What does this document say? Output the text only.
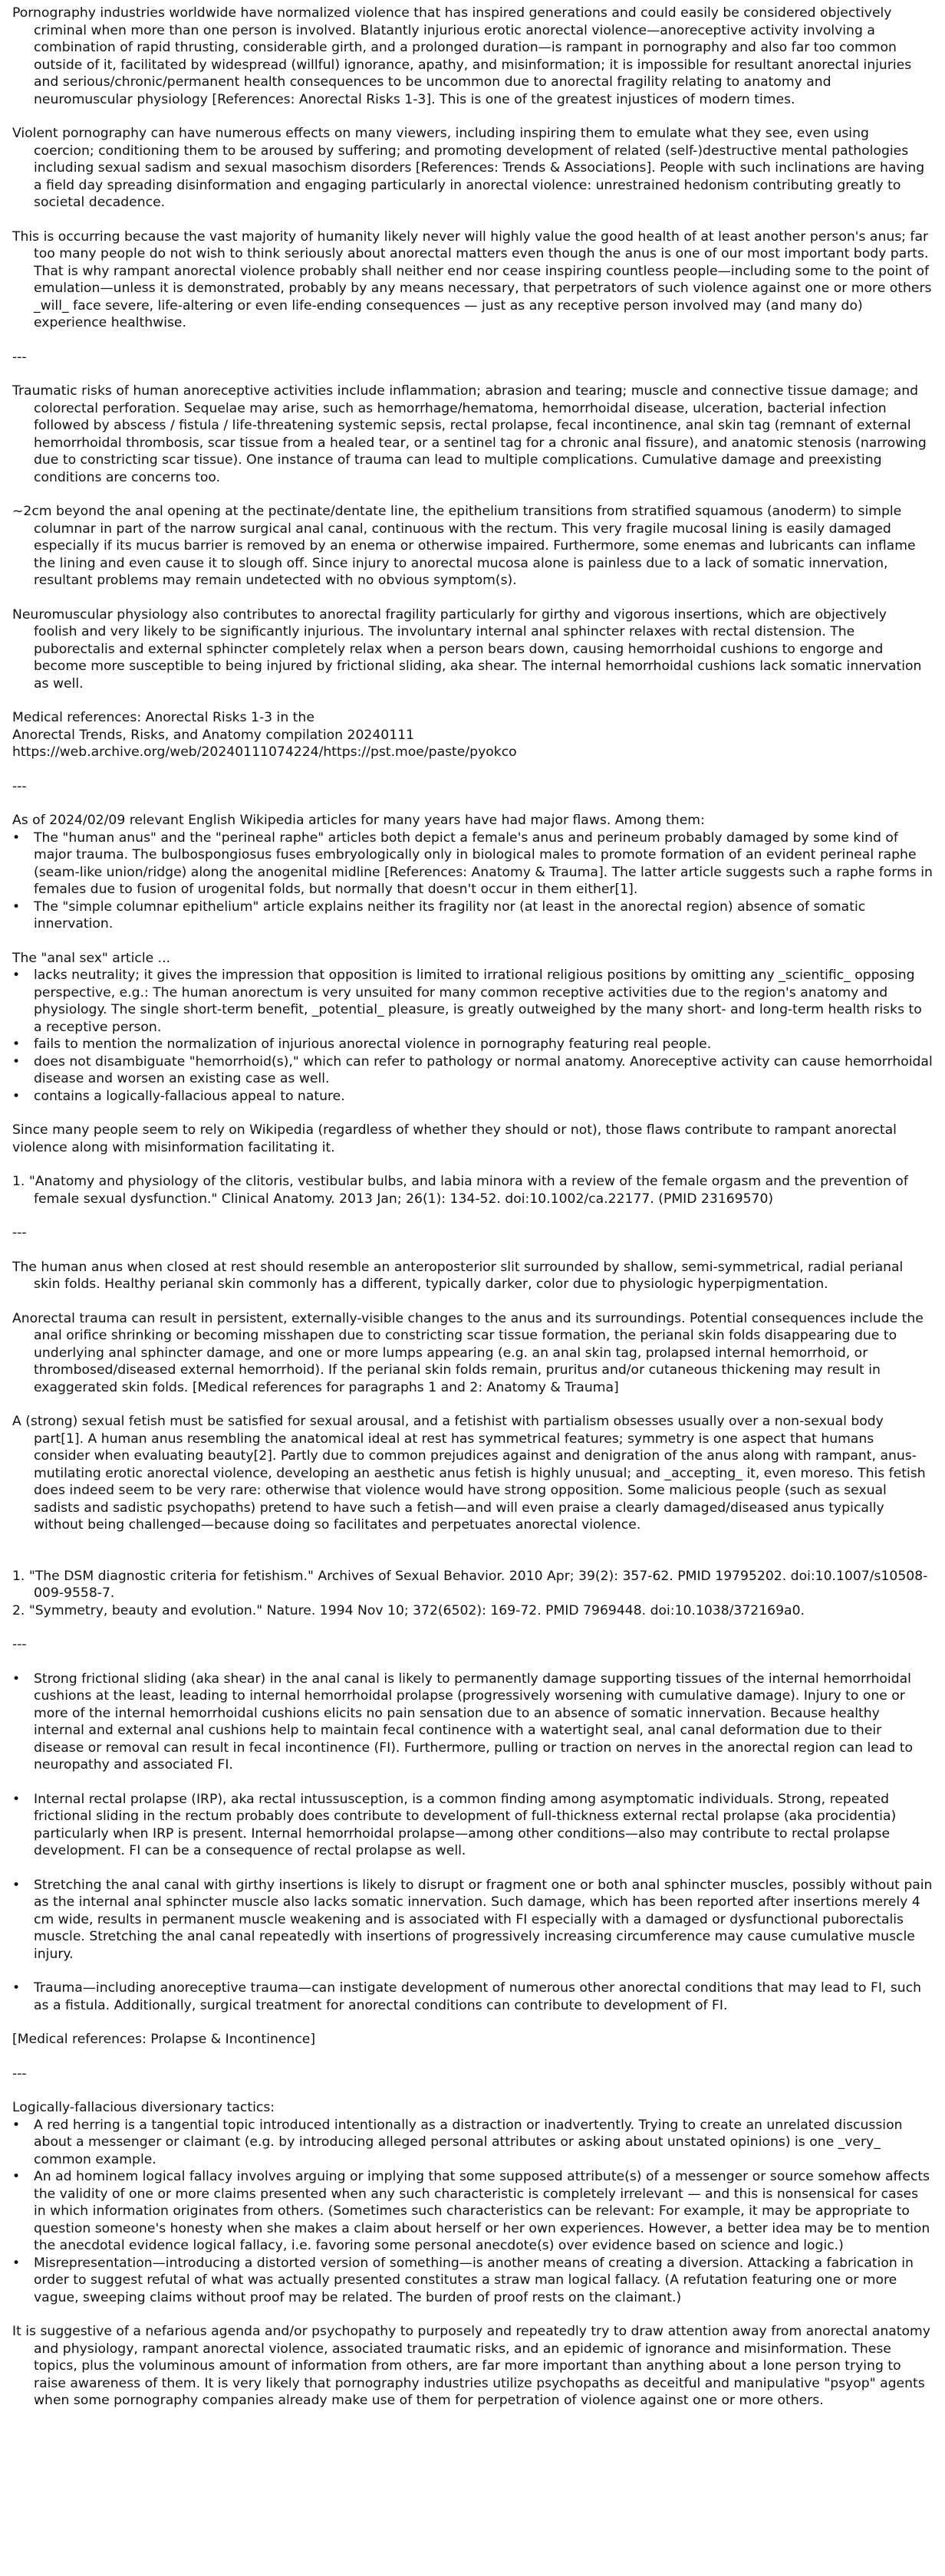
Pornography industries worldwide have normalized violence that has inspired generations and could easily be considered objectively criminal when more than one person is involved. Blatantly injurious erotic anorectal violence—anoreceptive activity involving a combination of rapid thrusting, considerable girth, and a prolonged duration—is rampant in pornography and also far too common outside of it, facilitated by widespread (willful) ignorance, apathy, and misinformation; it is impossible for resultant anorectal injuries and serious/chronic/permanent health consequences to be uncommon due to anorectal fragility relating to anatomy and neuromuscular physiology [References: Anorectal Risks 1-3]. This is one of the greatest injustices of modern times.

Violent pornography can have numerous effects on many viewers, including inspiring them to emulate what they see, even using coercion; conditioning them to be aroused by suffering; and promoting development of related (self-)destructive mental pathologies including sexual sadism and sexual masochism disorders [References: Trends & Associations]. People with such inclinations are having a field day spreading disinformation and engaging particularly in anorectal violence: unrestrained hedonism contributing greatly to societal decadence.

This is occurring because the vast majority of humanity likely never will highly value the good health of at least another person's anus; far too many people do not wish to think seriously about anorectal matters even though the anus is one of our most important body parts. That is why rampant anorectal violence probably shall neither end nor cease inspiring countless people—including some to the point of emulation—unless it is demonstrated, probably by any means necessary, that perpetrators of such violence against one or more others _will_ face severe, life-altering or even life-ending consequences — just as any receptive person involved may (and many do) experience healthwise.

---

Traumatic risks of human anoreceptive activities include inflammation; abrasion and tearing; muscle and connective tissue damage; and colorectal perforation. Sequelae may arise, such as hemorrhage/hematoma, hemorrhoidal disease, ulceration, bacterial infection followed by abscess / fistula / life-threatening systemic sepsis, rectal prolapse, fecal incontinence, anal skin tag (remnant of external hemorrhoidal thrombosis, scar tissue from a healed tear, or a sentinel tag for a chronic anal fissure), and anatomic stenosis (narrowing due to constricting scar tissue). One instance of trauma can lead to multiple complications. Cumulative damage and preexisting conditions are concerns too.

~2cm beyond the anal opening at the pectinate/dentate line, the epithelium transitions from stratified squamous (anoderm) to simple columnar in part of the narrow surgical anal canal, continuous with the rectum. This very fragile mucosal lining is easily damaged especially if its mucus barrier is removed by an enema or otherwise impaired. Furthermore, some enemas and lubricants can inflame the lining and even cause it to slough off. Since injury to anorectal mucosa alone is painless due to a lack of somatic innervation, resultant problems may remain undetected with no obvious symptom(s).

Neuromuscular physiology also contributes to anorectal fragility particularly for girthy and vigorous insertions, which are objectively foolish and very likely to be significantly injurious. The involuntary internal anal sphincter relaxes with rectal distension. The puborectalis and external sphincter completely relax when a person bears down, causing hemorrhoidal cushions to engorge and become more susceptible to being injured by frictional sliding, aka shear. The internal hemorrhoidal cushions lack somatic innervation as well.

Medical references: Anorectal Risks 1-3 in the
Anorectal Trends, Risks, and Anatomy compilation 20240111
https://web.archive.org/web/20240111074224/https://pst.moe/paste/pyokco
---
As of 2024/02/09 relevant English Wikipedia articles for many years have had major flaws. Among them:
• The "human anus" and the "perineal raphe" articles both depict a female's anus and perineum probably damaged by some kind of major trauma. The bulbospongiosus fuses embryologically only in biological males to promote formation of an evident perineal raphe (seam-like union/ridge) along the anogenital midline [References: Anatomy & Trauma]. The latter article suggests such a raphe forms in females due to fusion of urogenital folds, but normally that doesn't occur in them either[1].
• The "simple columnar epithelium" article explains neither its fragility nor (at least in the anorectal region) absence of somatic innervation.
The "anal sex" article ...
• lacks neutrality; it gives the impression that opposition is limited to irrational religious positions by omitting any _scientific_ opposing perspective, e.g.: The human anorectum is very unsuited for many common receptive activities due to the region's anatomy and physiology. The single short-term benefit, _potential_ pleasure, is greatly outweighed by the many short- and long-term health risks to a receptive person.
• fails to mention the normalization of injurious anorectal violence in pornography featuring real people.
• does not disambiguate "hemorrhoid(s)," which can refer to pathology or normal anatomy. Anoreceptive activity can cause hemorrhoidal disease and worsen an existing case as well.
• contains a logically-fallacious appeal to nature.

Since many people seem to rely on Wikipedia (regardless of whether they should or not), those flaws contribute to rampant anorectal violence along with misinformation facilitating it.

1. "Anatomy and physiology of the clitoris, vestibular bulbs, and labia minora with a review of the female orgasm and the prevention of female sexual dysfunction." Clinical Anatomy. 2013 Jan; 26(1): 134-52. doi:10.1002/ca.22177. (PMID 23169570)
---

The human anus when closed at rest should resemble an anteroposterior slit surrounded by shallow, semi-symmetrical, radial perianal skin folds. Healthy perianal skin commonly has a different, typically darker, color due to physiologic hyperpigmentation.

Anorectal trauma can result in persistent, externally-visible changes to the anus and its surroundings. Potential consequences include the anal orifice shrinking or becoming misshapen due to constricting scar tissue formation, the perianal skin folds disappearing due to underlying anal sphincter damage, and one or more lumps appearing (e.g. an anal skin tag, prolapsed internal hemorrhoid, or thrombosed/diseased external hemorrhoid). If the perianal skin folds remain, pruritus and/or cutaneous thickening may result in exaggerated skin folds. [Medical references for paragraphs 1 and 2: Anatomy & Trauma]

A (strong) sexual fetish must be satisfied for sexual arousal, and a fetishist with partialism obsesses usually over a non-sexual body part[1]. A human anus resembling the anatomical ideal at rest has symmetrical features; symmetry is one aspect that humans consider when evaluating beauty[2]. Partly due to common prejudices against and denigration of the anus along with rampant, anus-mutilating erotic anorectal violence, developing an aesthetic anus fetish is highly unusual; and _accepting_ it, even moreso. This fetish does indeed seem to be very rare: otherwise that violence would have strong opposition. Some malicious people (such as sexual sadists and sadistic psychopaths) pretend to have such a fetish—and will even praise a clearly damaged/diseased anus typically without being challenged—because doing so facilitates and perpetuates anorectal violence.

1. "The DSM diagnostic criteria for fetishism." Archives of Sexual Behavior. 2010 Apr; 39(2): 357-62. PMID 19795202. doi:10.1007/s10508-009-9558-7.
2. "Symmetry, beauty and evolution." Nature. 1994 Nov 10; 372(6502): 169-72. PMID 7969448. doi:10.1038/372169a0.
---
• Strong frictional sliding (aka shear) in the anal canal is likely to permanently damage supporting tissues of the internal hemorrhoidal cushions at the least, leading to internal hemorrhoidal prolapse (progressively worsening with cumulative damage). Injury to one or more of the internal hemorrhoidal cushions elicits no pain sensation due to an absence of somatic innervation. Because healthy internal and external anal cushions help to maintain fecal continence with a watertight seal, anal canal deformation due to their disease or removal can result in fecal incontinence (FI). Furthermore, pulling or traction on nerves in the anorectal region can lead to neuropathy and associated FI.
• Internal rectal prolapse (IRP), aka rectal intussusception, is a common finding among asymptomatic individuals. Strong, repeated frictional sliding in the rectum probably does contribute to development of full-thickness external rectal prolapse (aka procidentia) particularly when IRP is present. Internal hemorrhoidal prolapse—among other conditions—also may contribute to rectal prolapse development. FI can be a consequence of rectal prolapse as well.
• Stretching the anal canal with girthy insertions is likely to disrupt or fragment one or both anal sphincter muscles, possibly without pain as the internal anal sphincter muscle also lacks somatic innervation. Such damage, which has been reported after insertions merely 4 cm wide, results in permanent muscle weakening and is associated with FI especially with a damaged or dysfunctional puborectalis muscle. Stretching the anal canal repeatedly with insertions of progressively increasing circumference may cause cumulative muscle injury.
• Trauma—including anoreceptive trauma—can instigate development of numerous other anorectal conditions that may lead to FI, such as a fistula. Additionally, surgical treatment for anorectal conditions can contribute to development of FI.

[Medical references: Prolapse & Incontinence]

---
Logically-fallacious diversionary tactics:
• A red herring is a tangential topic introduced intentionally as a distraction or inadvertently. Trying to create an unrelated discussion about a messenger or claimant (e.g. by introducing alleged personal attributes or asking about unstated opinions) is one _very_ common example.
• An ad hominem logical fallacy involves arguing or implying that some supposed attribute(s) of a messenger or source somehow affects the validity of one or more claims presented when any such characteristic is completely irrelevant — and this is nonsensical for cases in which information originates from others. (Sometimes such characteristics can be relevant: For example, it may be appropriate to question someone's honesty when she makes a claim about herself or her own experiences. However, a better idea may be to mention the anecdotal evidence logical fallacy, i.e. favoring some personal anecdote(s) over evidence based on science and logic.)
• Misrepresentation—introducing a distorted version of something—is another means of creating a diversion. Attacking a fabrication in order to suggest refutal of what was actually presented constitutes a straw man logical fallacy. (A refutation featuring one or more vague, sweeping claims without proof may be related. The burden of proof rests on the claimant.)

It is suggestive of a nefarious agenda and/or psychopathy to purposely and repeatedly try to draw attention away from anorectal anatomy and physiology, rampant anorectal violence, associated traumatic risks, and an epidemic of ignorance and misinformation. These topics, plus the voluminous amount of information from others, are far more important than anything about a lone person trying to raise awareness of them. It is very likely that pornography industries utilize psychopaths as deceitful and manipulative "psyop" agents when some pornography companies already make use of them for perpetration of violence against one or more others.
